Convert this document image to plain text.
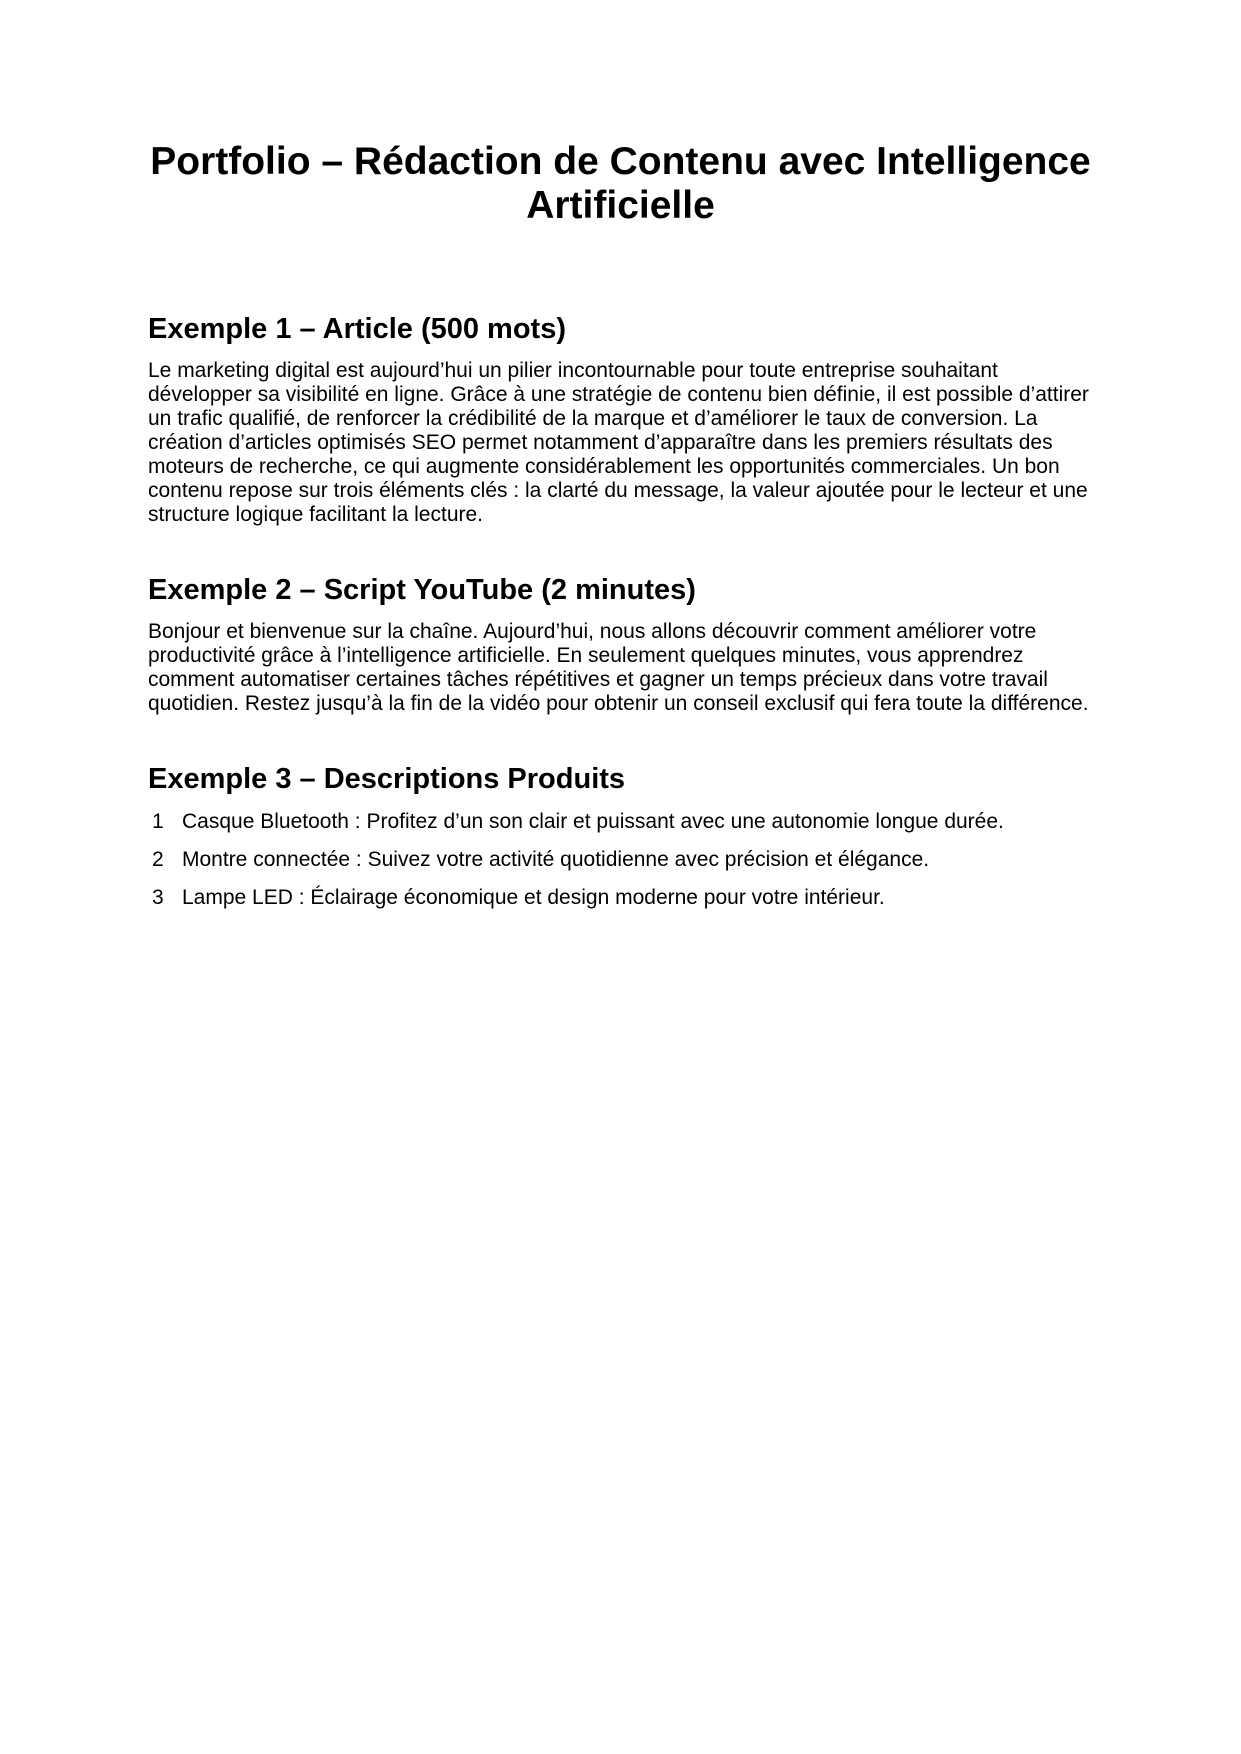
Portfolio – Rédaction de Contenu avec Intelligence Artificielle
Exemple 1 – Article (500 mots)

Le marketing digital est aujourd’hui un pilier incontournable pour toute entreprise souhaitant développer sa visibilité en ligne. Grâce à une stratégie de contenu bien définie, il est possible d’attirer un trafic qualifié, de renforcer la crédibilité de la marque et d’améliorer le taux de conversion. La création d’articles optimisés SEO permet notamment d’apparaître dans les premiers résultats des moteurs de recherche, ce qui augmente considérablement les opportunités commerciales. Un bon contenu repose sur trois éléments clés : la clarté du message, la valeur ajoutée pour le lecteur et une structure logique facilitant la lecture.

Exemple 2 – Script YouTube (2 minutes)

Bonjour et bienvenue sur la chaîne. Aujourd’hui, nous allons découvrir comment améliorer votre productivité grâce à l’intelligence artificielle. En seulement quelques minutes, vous apprendrez comment automatiser certaines tâches répétitives et gagner un temps précieux dans votre travail quotidien. Restez jusqu’à la fin de la vidéo pour obtenir un conseil exclusif qui fera toute la différence.

Exemple 3 – Descriptions Produits
1 Casque Bluetooth : Profitez d’un son clair et puissant avec une autonomie longue durée.
2 Montre connectée : Suivez votre activité quotidienne avec précision et élégance.
3 Lampe LED : Éclairage économique et design moderne pour votre intérieur.
